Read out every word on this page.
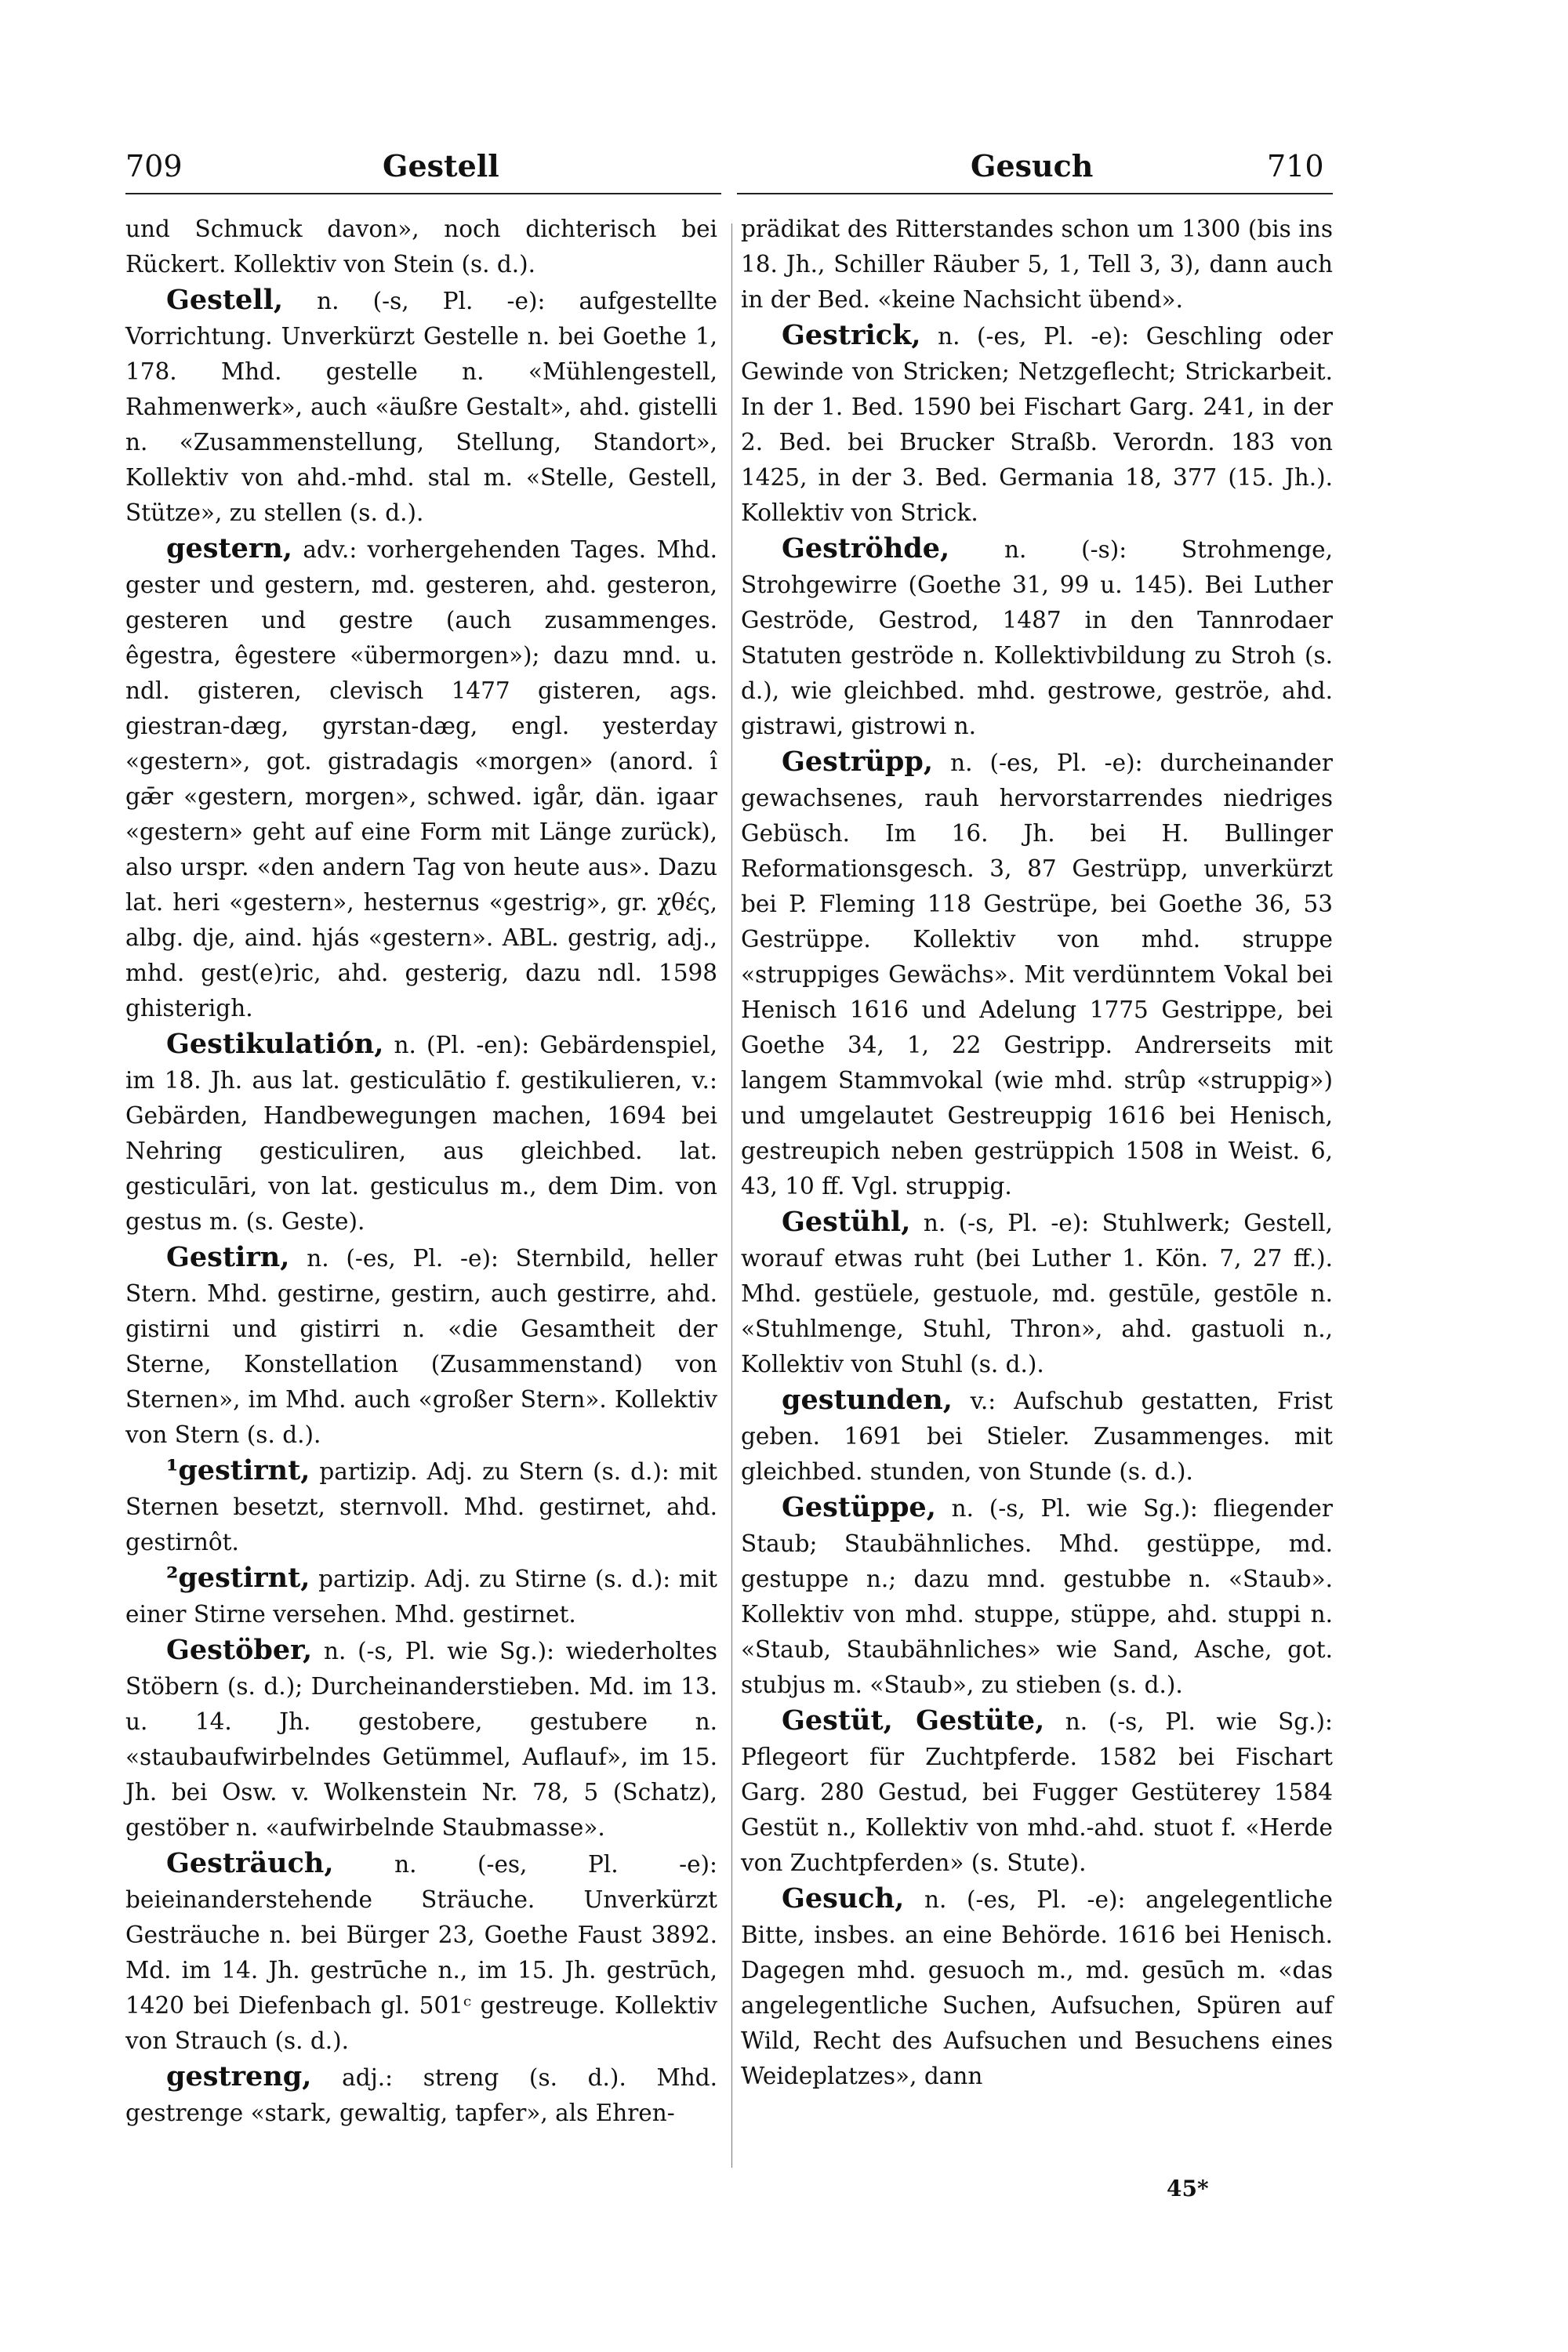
709	Gestell	Gesuch	710

und Schmuck davon», noch dichterisch bei Rückert. Kollektiv von Stein (s. d.).

Gestell, n. (-s, Pl. -e): aufgestellte Vorrichtung. Unverkürzt Gestelle n. bei Goethe 1, 178. Mhd. gestelle n. «Mühlengestell, Rahmenwerk», auch «äußre Gestalt», ahd. gistelli n. «Zusammenstellung, Stellung, Standort», Kollektiv von ahd.-mhd. stal m. «Stelle, Gestell, Stütze», zu stellen (s. d.).

gestern, adv.: vorhergehenden Tages. Mhd. gester und gestern, md. gesteren, ahd. gesteron, gesteren und gestre (auch zusammenges. êgestra, êgestere «übermorgen»); dazu mnd. u. ndl. gisteren, clevisch 1477 gisteren, ags. giestran-dæg, gyrstan-dæg, engl. yesterday «gestern», got. gistradagis «morgen» (anord. î gǣr «gestern, morgen», schwed. igår, dän. igaar «gestern» geht auf eine Form mit Länge zurück), also urspr. «den andern Tag von heute aus». Dazu lat. heri «gestern», hesternus «gestrig», gr. χθές, albg. dje, aind. hjás «gestern». ABL. gestrig, adj., mhd. gest(e)ric, ahd. gesterig, dazu ndl. 1598 ghisterigh.

Gestikulatión, n. (Pl. -en): Gebärdenspiel, im 18. Jh. aus lat. gesticulātio f. gestikulieren, v.: Gebärden, Handbewegungen machen, 1694 bei Nehring gesticuliren, aus gleichbed. lat. gesticulāri, von lat. gesticulus m., dem Dim. von gestus m. (s. Geste).

Gestirn, n. (-es, Pl. -e): Sternbild, heller Stern. Mhd. gestirne, gestirn, auch gestirre, ahd. gistirni und gistirri n. «die Gesamtheit der Sterne, Konstellation (Zusammenstand) von Sternen», im Mhd. auch «großer Stern». Kollektiv von Stern (s. d.).

¹gestirnt, partizip. Adj. zu Stern (s. d.): mit Sternen besetzt, sternvoll. Mhd. gestirnet, ahd. gestirnôt.

²gestirnt, partizip. Adj. zu Stirne (s. d.): mit einer Stirne versehen. Mhd. gestirnet.

Gestöber, n. (-s, Pl. wie Sg.): wiederholtes Stöbern (s. d.); Durcheinanderstieben. Md. im 13. u. 14. Jh. gestobere, gestubere n. «staubaufwirbelndes Getümmel, Auflauf», im 15. Jh. bei Osw. v. Wolkenstein Nr. 78, 5 (Schatz), gestöber n. «aufwirbelnde Staubmasse».

Gesträuch, n. (-es, Pl. -e): beieinanderstehende Sträuche. Unverkürzt Gesträuche n. bei Bürger 23, Goethe Faust 3892. Md. im 14. Jh. gestrūche n., im 15. Jh. gestrūch, 1420 bei Diefenbach gl. 501ᶜ gestreuge. Kollektiv von Strauch (s. d.).

gestreng, adj.: streng (s. d.). Mhd. gestrenge «stark, gewaltig, tapfer», als Ehren-

prädikat des Ritterstandes schon um 1300 (bis ins 18. Jh., Schiller Räuber 5, 1, Tell 3, 3), dann auch in der Bed. «keine Nachsicht übend».

Gestrick, n. (-es, Pl. -e): Geschling oder Gewinde von Stricken; Netzgeflecht; Strickarbeit. In der 1. Bed. 1590 bei Fischart Garg. 241, in der 2. Bed. bei Brucker Straßb. Verordn. 183 von 1425, in der 3. Bed. Germania 18, 377 (15. Jh.). Kollektiv von Strick.

Geströhde, n. (-s): Strohmenge, Strohgewirre (Goethe 31, 99 u. 145). Bei Luther Geströde, Gestrod, 1487 in den Tannrodaer Statuten geströde n. Kollektivbildung zu Stroh (s. d.), wie gleichbed. mhd. gestrowe, geströe, ahd. gistrawi, gistrowi n.

Gestrüpp, n. (-es, Pl. -e): durcheinander gewachsenes, rauh hervorstarrendes niedriges Gebüsch. Im 16. Jh. bei H. Bullinger Reformationsgesch. 3, 87 Gestrüpp, unverkürzt bei P. Fleming 118 Gestrüpe, bei Goethe 36, 53 Gestrüppe. Kollektiv von mhd. struppe «struppiges Gewächs». Mit verdünntem Vokal bei Henisch 1616 und Adelung 1775 Gestrippe, bei Goethe 34, 1, 22 Gestripp. Andrerseits mit langem Stammvokal (wie mhd. strûp «struppig») und umgelautet Gestreuppig 1616 bei Henisch, gestreupich neben gestrüppich 1508 in Weist. 6, 43, 10 ff. Vgl. struppig.

Gestühl, n. (-s, Pl. -e): Stuhlwerk; Gestell, worauf etwas ruht (bei Luther 1. Kön. 7, 27 ff.). Mhd. gestüele, gestuole, md. gestūle, gestōle n. «Stuhlmenge, Stuhl, Thron», ahd. gastuoli n., Kollektiv von Stuhl (s. d.).

gestunden, v.: Aufschub gestatten, Frist geben. 1691 bei Stieler. Zusammenges. mit gleichbed. stunden, von Stunde (s. d.).

Gestüppe, n. (-s, Pl. wie Sg.): fliegender Staub; Staubähnliches. Mhd. gestüppe, md. gestuppe n.; dazu mnd. gestubbe n. «Staub». Kollektiv von mhd. stuppe, stüppe, ahd. stuppi n. «Staub, Staubähnliches» wie Sand, Asche, got. stubjus m. «Staub», zu stieben (s. d.).

Gestüt, Gestüte, n. (-s, Pl. wie Sg.): Pflegeort für Zuchtpferde. 1582 bei Fischart Garg. 280 Gestud, bei Fugger Gestüterey 1584 Gestüt n., Kollektiv von mhd.-ahd. stuot f. «Herde von Zuchtpferden» (s. Stute).

Gesuch, n. (-es, Pl. -e): angelegentliche Bitte, insbes. an eine Behörde. 1616 bei Henisch. Dagegen mhd. gesuoch m., md. gesūch m. «das angelegentliche Suchen, Aufsuchen, Spüren auf Wild, Recht des Aufsuchen und Besuchens eines Weideplatzes», dann

45*
